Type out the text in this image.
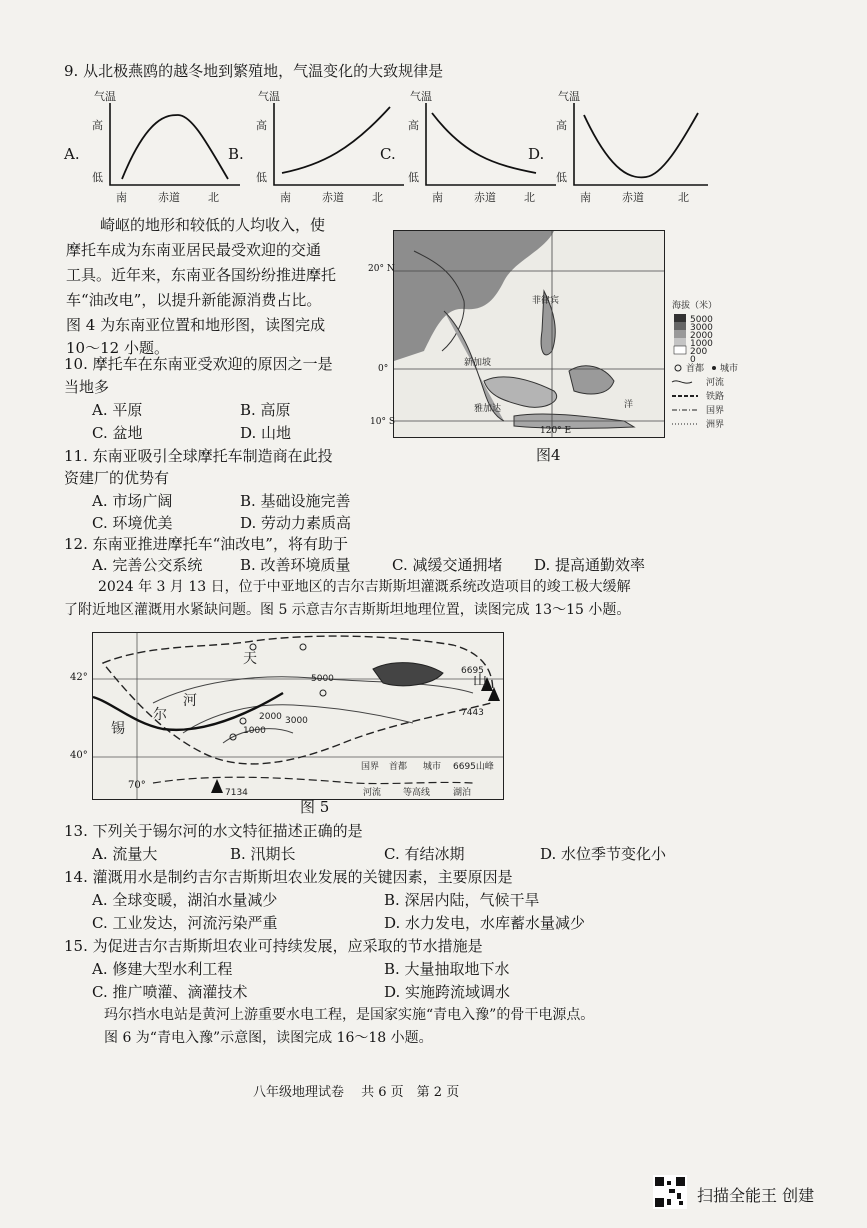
9. 从北极燕鸥的越冬地到繁殖地，气温变化的大致规律是
A.
气温
高
低
南	赤道	北
B.
气温
高
低
南	赤道	北
C.
气温
高
低
南	赤道	北
D.
气温
高
低
南	赤道	北
崎岖的地形和较低的人均收入，使
摩托车成为东南亚居民最受欢迎的交通
工具。近年来，东南亚各国纷纷推进摩托
车“油改电”，以提升新能源消费占比。
图 4 为东南亚位置和地形图，读图完成
10～12 小题。
菲律宾
新加坡
雅加达	洋
20° N
0°
10° S
120° E
海拔（米）
5000
3000
2000
1000
200
0
首都 城市
河流
铁路
国界
洲界
图4
10. 摩托车在东南亚受欢迎的原因之一是
当地多
A. 平原	B. 高原
C. 盆地	D. 山地
11. 东南亚吸引全球摩托车制造商在此投
资建厂的优势有
A. 市场广阔	B. 基础设施完善
C. 环境优美	D. 劳动力素质高
12. 东南亚推进摩托车“油改电”，将有助于
A. 完善公交系统	B. 改善环境质量	C. 减缓交通拥堵 D. 提高通勤效率
2024 年 3 月 13 日，位于中亚地区的吉尔吉斯斯坦灌溉系统改造项目的竣工极大缓解
了附近地区灌溉用水紧缺问题。图 5 示意吉尔吉斯斯坦地理位置，读图完成 13～15 小题。
天
山
锡
尔
河
5000
2000 3000
1000
6695
7443
7134
国界 首都 城市 6695山峰
河流 等高线	湖泊
42°
40°
70°
图 5
13. 下列关于锡尔河的水文特征描述正确的是
A. 流量大	B. 汛期长	C. 有结冰期	D. 水位季节变化小
14. 灌溉用水是制约吉尔吉斯斯坦农业发展的关键因素，主要原因是
A. 全球变暖，湖泊水量减少	B. 深居内陆，气候干旱
C. 工业发达，河流污染严重	D. 水力发电，水库蓄水量减少
15. 为促进吉尔吉斯斯坦农业可持续发展，应采取的节水措施是
A. 修建大型水利工程	B. 大量抽取地下水
C. 推广喷灌、滴灌技术	D. 实施跨流域调水
玛尔挡水电站是黄河上游重要水电工程，是国家实施“青电入豫”的骨干电源点。
图 6 为“青电入豫”示意图，读图完成 16～18 小题。
八年级地理试卷　 共 6 页　第 2 页
扫描全能王 创建
